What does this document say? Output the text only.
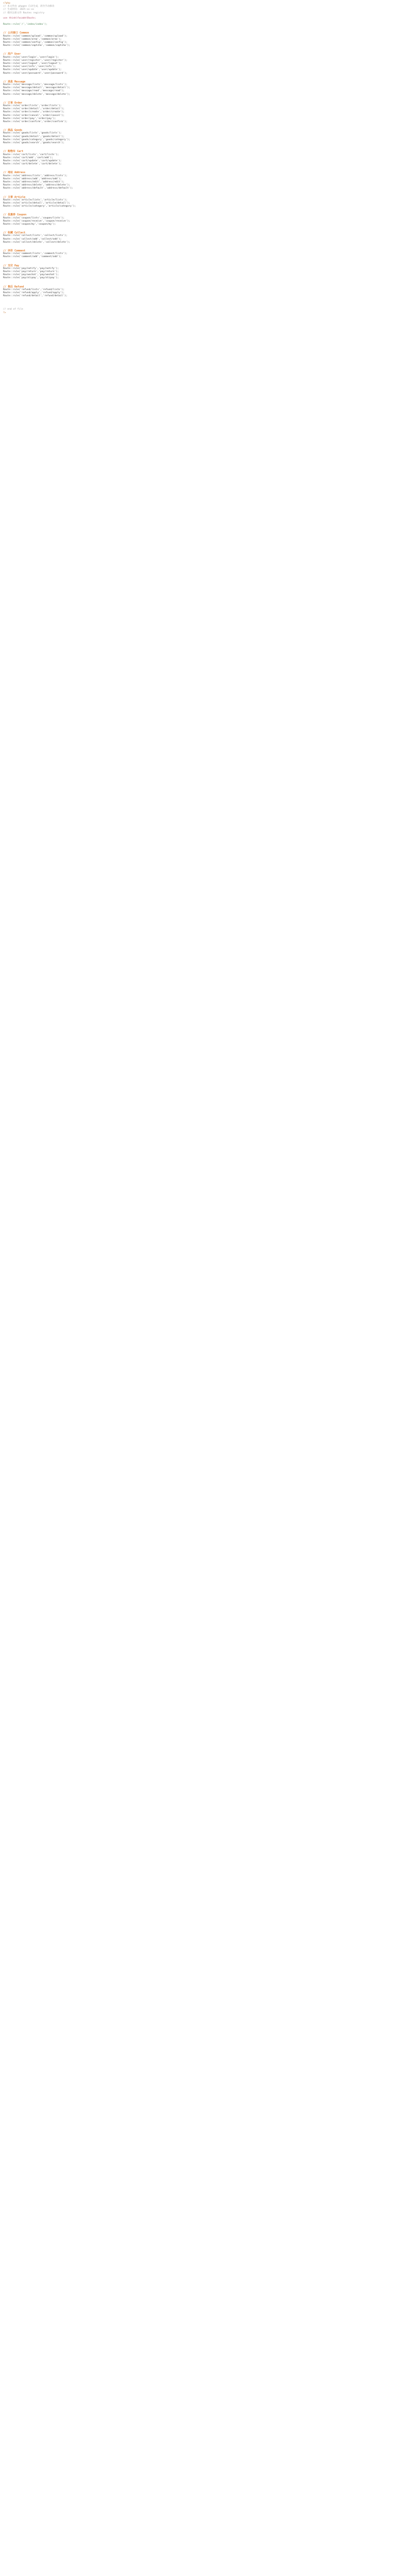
<?php
// 本文件由 phpgen 自动生成，请勿手动修改
// 生成时间: 2025-xx-xx
// 模块注册文件 Routes registry
use think\facade\Route;
Route::rule('/','index/index');
// 公共接口 Common
Route::rule('common/upload','common/upload');
Route::rule('common/area','common/area');
Route::rule('common/config','common/config');
Route::rule('common/captcha','common/captcha');
// 用户 User
Route::rule('user/login','user/login');
Route::rule('user/register','user/register');
Route::rule('user/logout','user/logout');
Route::rule('user/info','user/info');
Route::rule('user/update','user/update');
Route::rule('user/password','user/password');
// 消息 Message
Route::rule('message/lists','message/lists');
Route::rule('message/detail','message/detail');
Route::rule('message/read','message/read');
Route::rule('message/delete','message/delete');
// 订单 Order
Route::rule('order/lists','order/lists');
Route::rule('order/detail','order/detail');
Route::rule('order/create','order/create');
Route::rule('order/cancel','order/cancel');
Route::rule('order/pay','order/pay');
Route::rule('order/confirm','order/confirm');
// 商品 Goods
Route::rule('goods/lists','goods/lists');
Route::rule('goods/detail','goods/detail');
Route::rule('goods/category','goods/category');
Route::rule('goods/search','goods/search');
// 购物车 Cart
Route::rule('cart/lists','cart/lists');
Route::rule('cart/add','cart/add');
Route::rule('cart/update','cart/update');
Route::rule('cart/delete','cart/delete');
// 地址 Address
Route::rule('address/lists','address/lists');
Route::rule('address/add','address/add');
Route::rule('address/edit','address/edit');
Route::rule('address/delete','address/delete');
Route::rule('address/default','address/default');
// 文章 Article
Route::rule('article/lists','article/lists');
Route::rule('article/detail','article/detail');
Route::rule('article/category','article/category');
// 优惠券 Coupon
Route::rule('coupon/lists','coupon/lists');
Route::rule('coupon/receive','coupon/receive');
Route::rule('coupon/my','coupon/my');
// 收藏 Collect
Route::rule('collect/lists','collect/lists');
Route::rule('collect/add','collect/add');
Route::rule('collect/delete','collect/delete');
// 评价 Comment
Route::rule('comment/lists','comment/lists');
Route::rule('comment/add','comment/add');
// 支付 Pay
Route::rule('pay/notify','pay/notify');
Route::rule('pay/return','pay/return');
Route::rule('pay/wechat','pay/wechat');
Route::rule('pay/alipay','pay/alipay');
// 售后 Refund
Route::rule('refund/lists','refund/lists');
Route::rule('refund/apply','refund/apply');
Route::rule('refund/detail','refund/detail');
// end of file
?>
